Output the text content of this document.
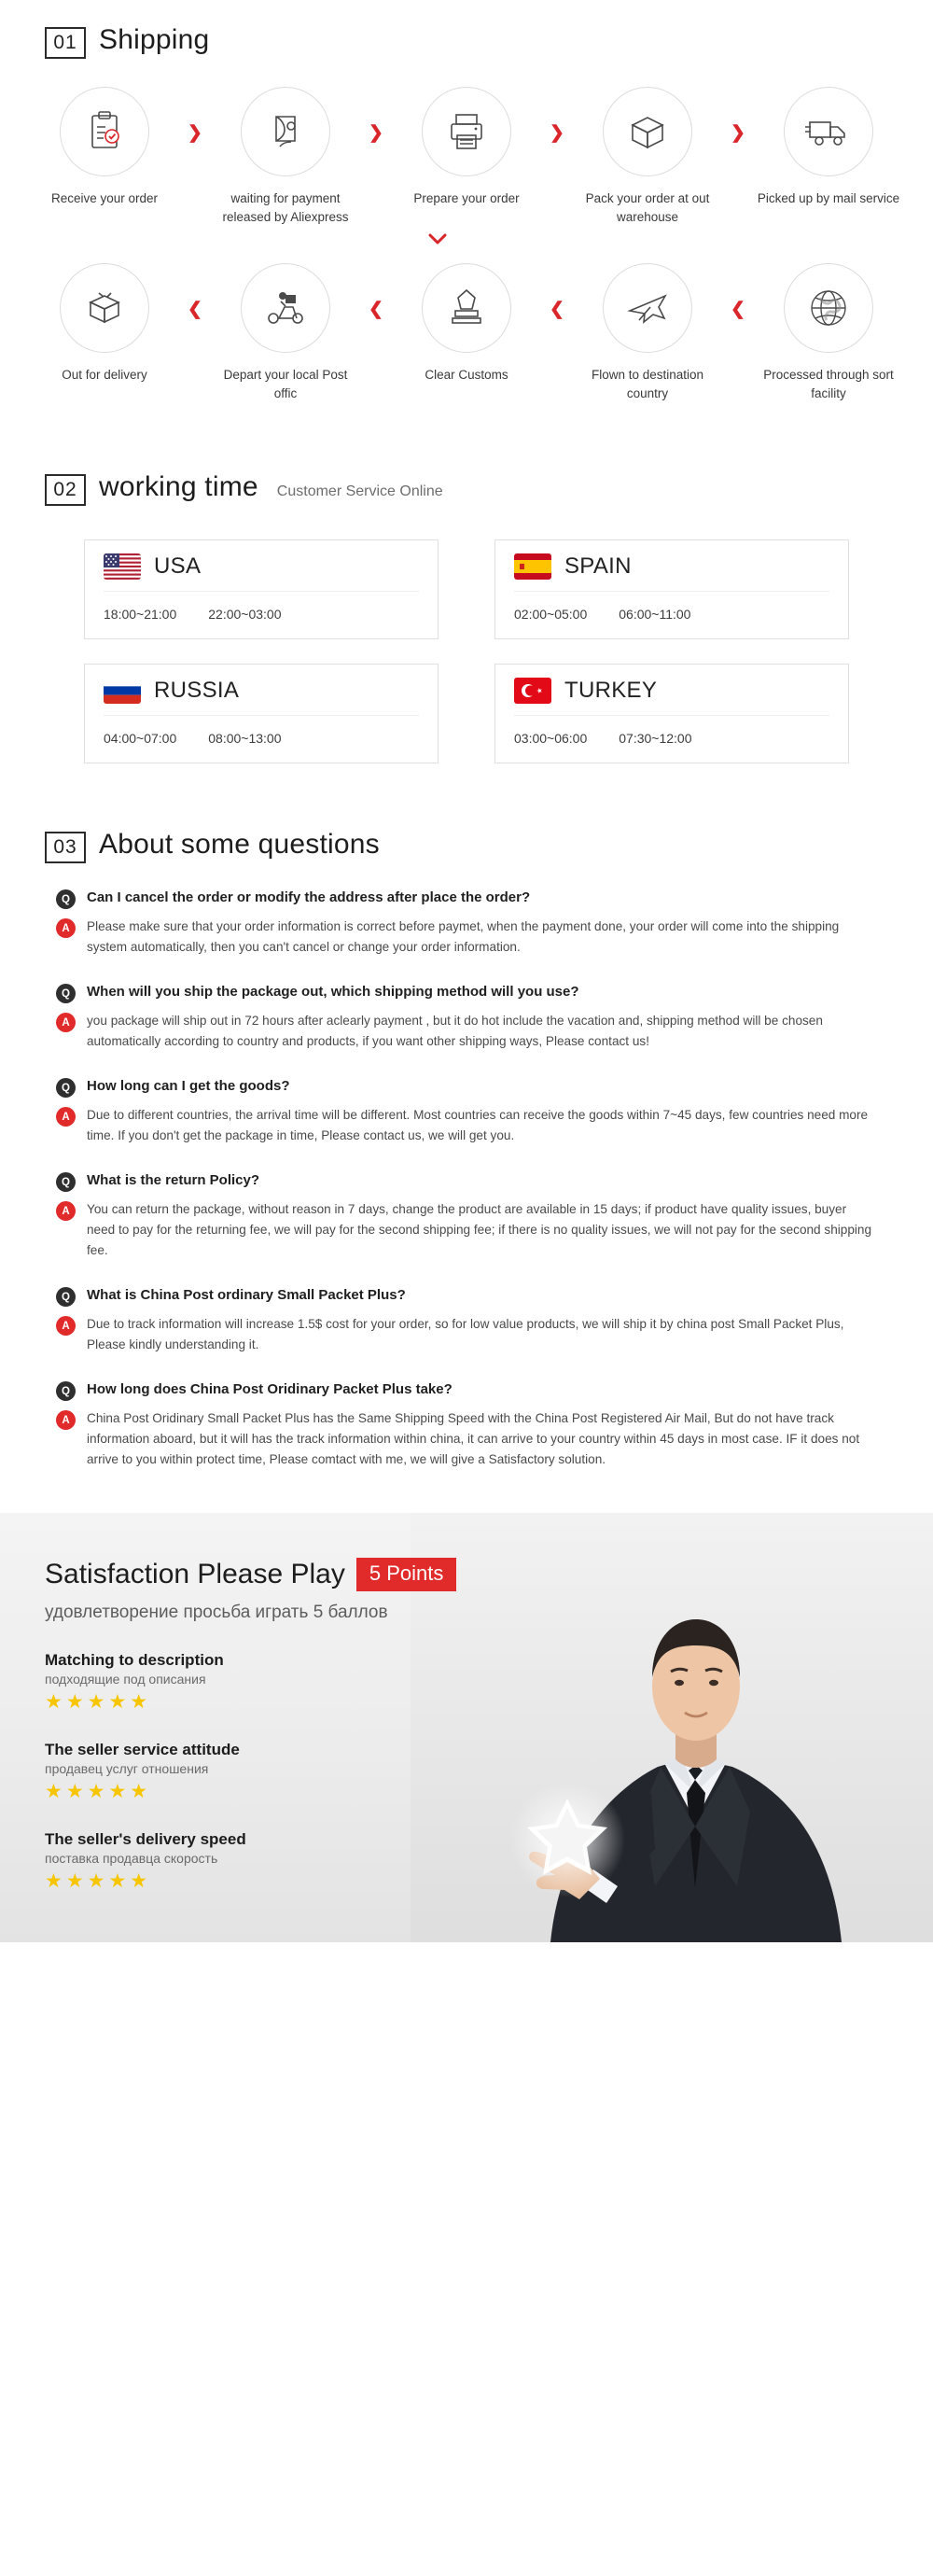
01 Shipping
Receive your order
❯
waiting for payment released by Aliexpress
❯
Prepare your order
❯
Pack your order at out warehouse
❯
Picked up by mail service
Out for delivery
❮
Depart your local Post offic
❮
Clear Customs
❮
Flown to destination country
❮
Processed through sort facility
02 working time Customer Service Online
USA
18:00~21:00 22:00~03:00
SPAIN
02:00~05:00 06:00~11:00
RUSSIA
04:00~07:00 08:00~13:00
TURKEY
03:00~06:00 07:30~12:00
03 About some questions
Q	Can I cancel the order or modify the address after place the order?
A	Please make sure that your order information is correct before paymet, when the payment done, your order will come into the shipping system automatically, then you can't cancel or change your order information.
Q	When will you ship the package out, which shipping method will you use?
A	you package will ship out in 72 hours after aclearly payment , but it do hot include the vacation and, shipping method will be chosen automatically according to country and products, if you want other shipping ways, Please contact us!
Q	How long can I get the goods?
A	Due to different countries, the arrival time will be different. Most countries can receive the goods within 7~45 days, few countries need more time. If you don't get the package in time, Please contact us, we will get you.
Q	What is the return Policy?
A	You can return the package, without reason in 7 days, change the product are available in 15 days; if product have quality issues, buyer need to pay for the returning fee, we will pay for the second shipping fee; if there is no quality issues, we will not pay for the second shipping fee.
Q	What is China Post ordinary Small Packet Plus?
A	Due to track information will increase 1.5$ cost for your order, so for low value products, we will ship it by china post Small Packet Plus, Please kindly understanding it.
Q	How long does China Post Oridinary Packet Plus take?
A	China Post Oridinary Small Packet Plus has the Same Shipping Speed with the China Post Registered Air Mail, But do not have track information aboard, but it will has the track information within china, it can arrive to your country within 45 days in most case. IF it does not arrive to you within protect time, Please comtact with me, we will give a Satisfactory solution.
Satisfaction Please Play	5 Points
удовлетворение просьба играть 5 баллов
Matching to description
подходящие под описания
★★★★★
The seller service attitude
продавец услуг отношения
★★★★★
The seller's delivery speed
поставка продавца скорость
★★★★★
